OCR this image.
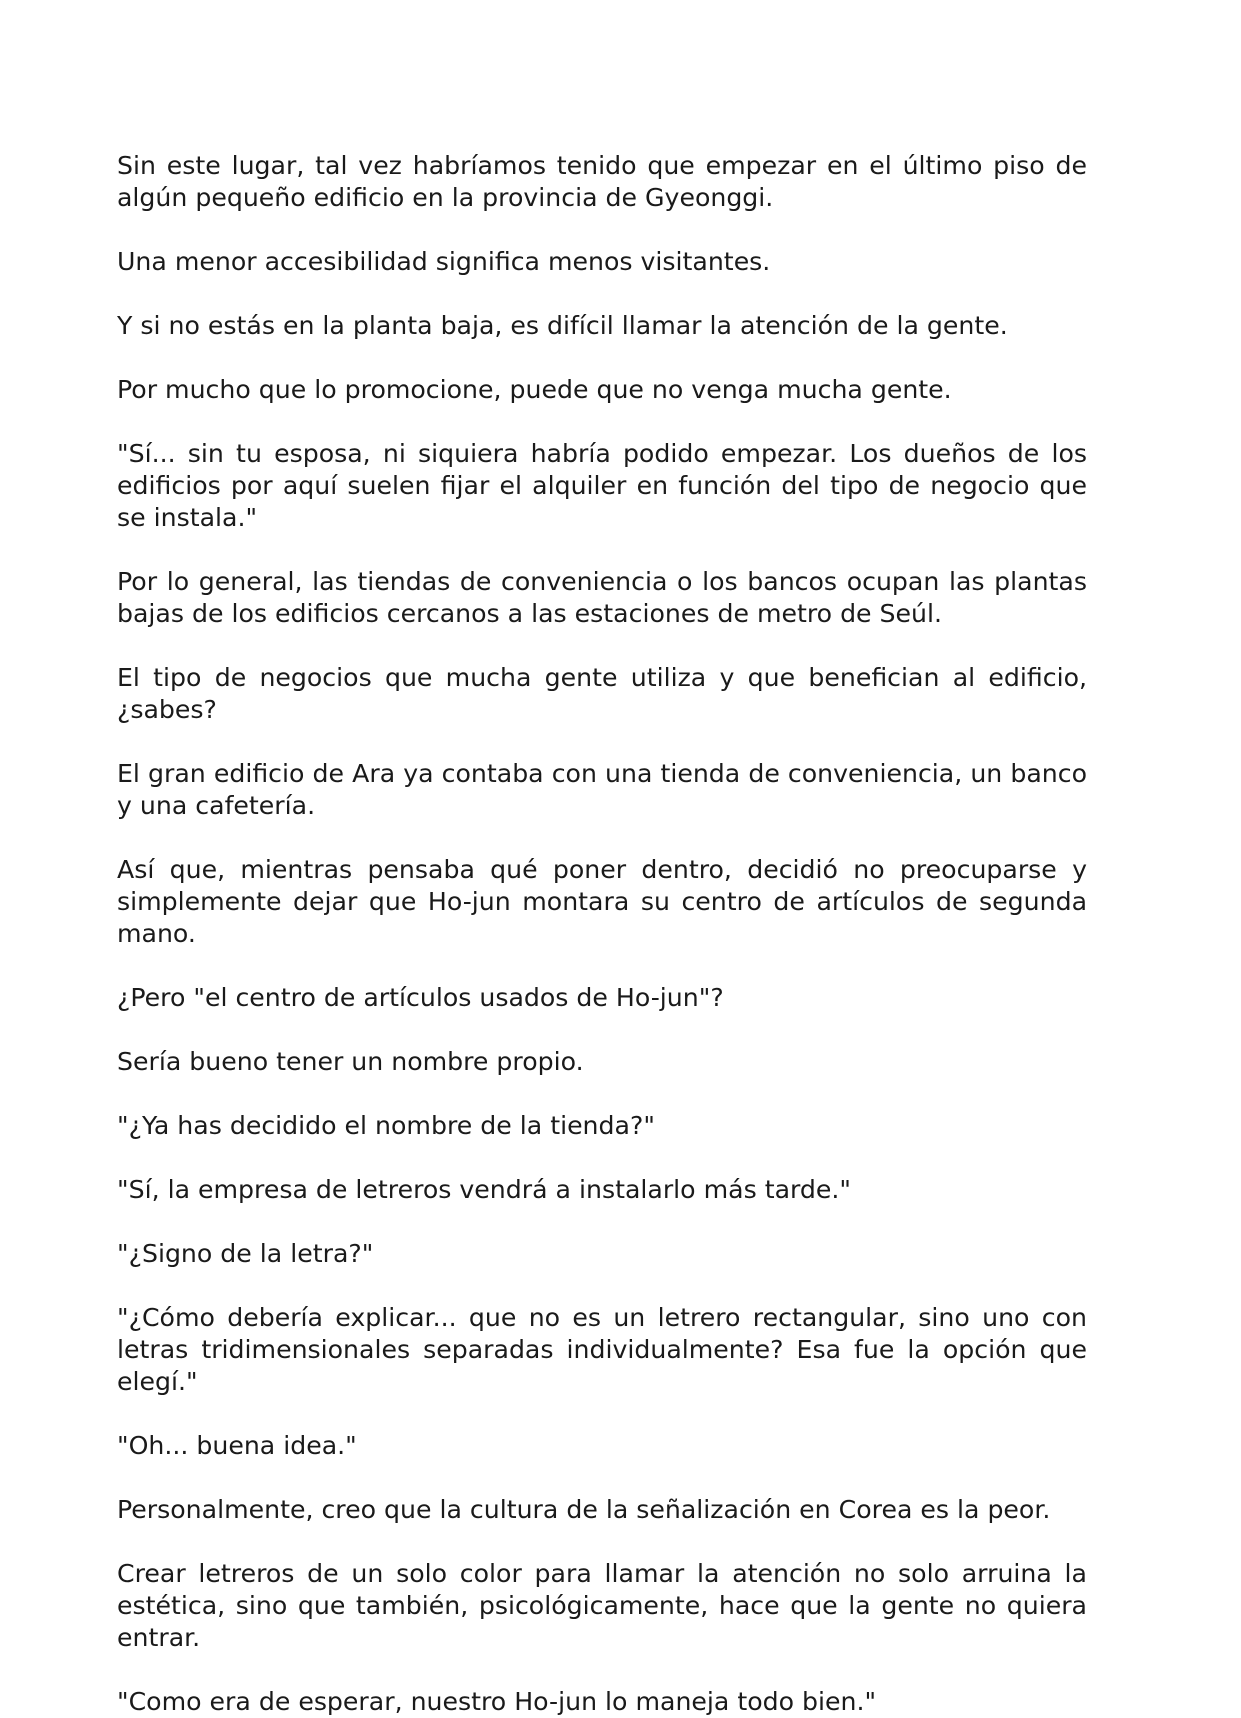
Sin este lugar, tal vez habríamos tenido que empezar en el último piso de algún pequeño edificio en la provincia de Gyeonggi.

Una menor accesibilidad significa menos visitantes.

Y si no estás en la planta baja, es difícil llamar la atención de la gente.

Por mucho que lo promocione, puede que no venga mucha gente.

"Sí... sin tu esposa, ni siquiera habría podido empezar. Los dueños de los edificios por aquí suelen fijar el alquiler en función del tipo de negocio que se instala."

Por lo general, las tiendas de conveniencia o los bancos ocupan las plantas bajas de los edificios cercanos a las estaciones de metro de Seúl.

El tipo de negocios que mucha gente utiliza y que benefician al edificio, ¿sabes?

El gran edificio de Ara ya contaba con una tienda de conveniencia, un banco y una cafetería.

Así que, mientras pensaba qué poner dentro, decidió no preocuparse y simplemente dejar que Ho-jun montara su centro de artículos de segunda mano.

¿Pero "el centro de artículos usados de Ho-jun"?

Sería bueno tener un nombre propio.

"¿Ya has decidido el nombre de la tienda?"

"Sí, la empresa de letreros vendrá a instalarlo más tarde."

"¿Signo de la letra?"

"¿Cómo debería explicar... que no es un letrero rectangular, sino uno con letras tridimensionales separadas individualmente? Esa fue la opción que elegí."

"Oh... buena idea."

Personalmente, creo que la cultura de la señalización en Corea es la peor.

Crear letreros de un solo color para llamar la atención no solo arruina la estética, sino que también, psicológicamente, hace que la gente no quiera entrar.

"Como era de esperar, nuestro Ho-jun lo maneja todo bien."
